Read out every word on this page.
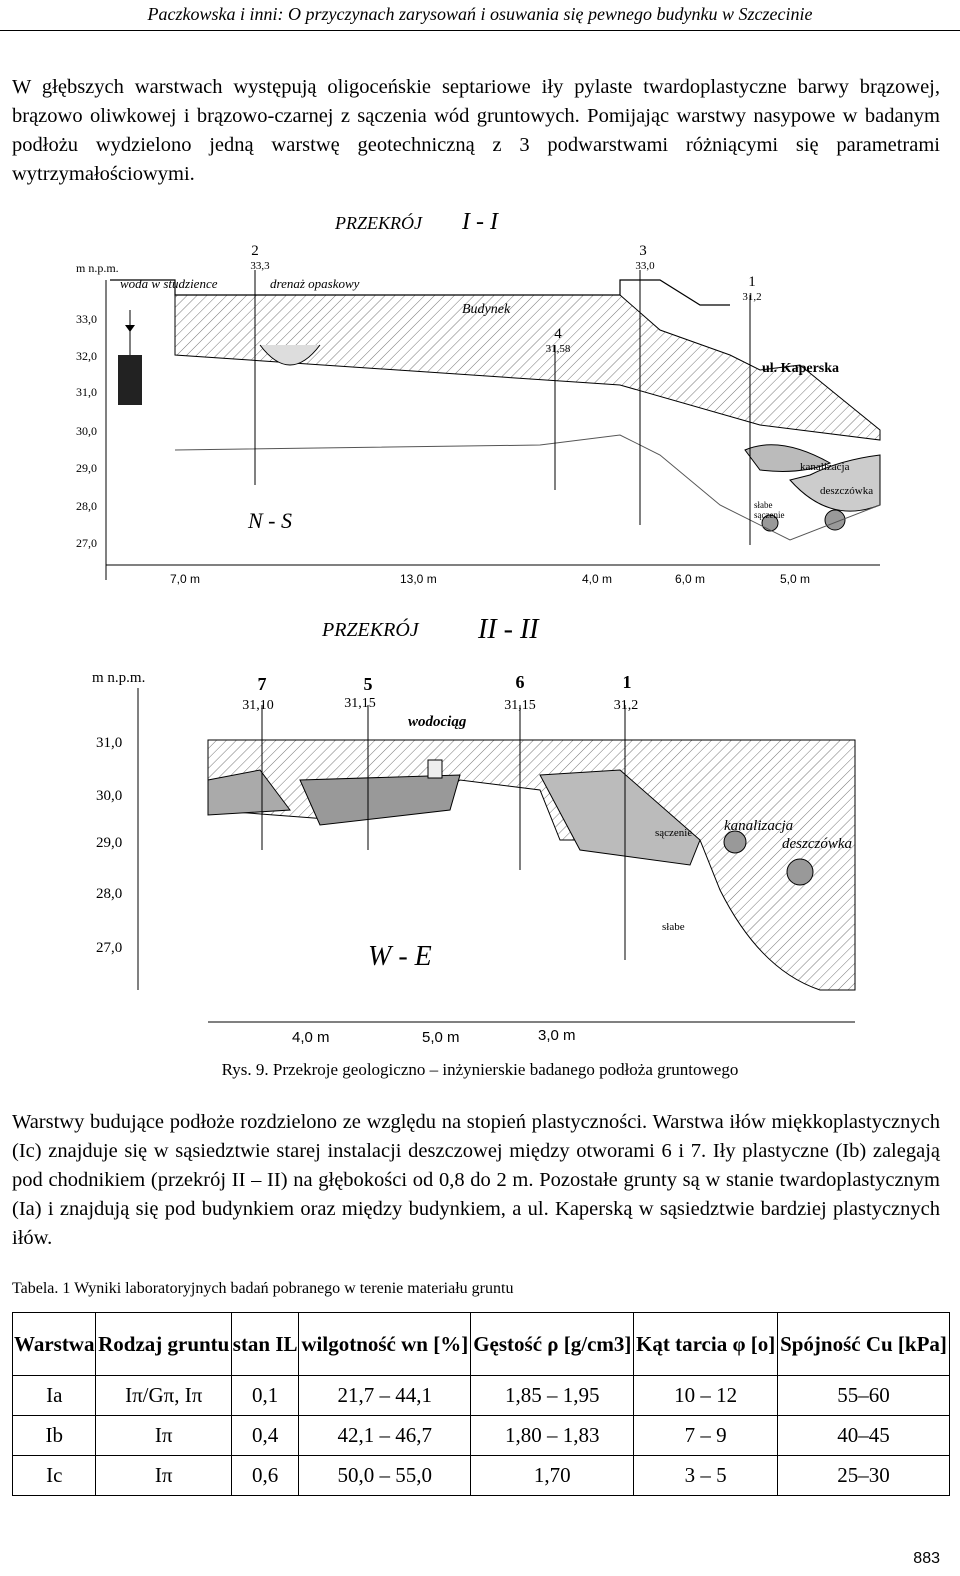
Paczkowska i inni: O przyczynach zarysowań i osuwania się pewnego budynku w Szczecinie
W głębszych warstwach występują oligoceńskie septariowe iły pylaste twardoplastyczne barwy brązowej, brązowo oliwkowej i brązowo-czarnej z sączenia wód gruntowych. Pomijając warstwy nasypowe w badanym podłożu wydzielono jedną warstwę geotechniczną z 3 podwarstwami różniącymi się parametrami wytrzymałościowymi.
PRZEKRÓJ I - I
m n.p.m.
33,0
32,0
31,0
30,0
29,0
28,0
27,0
2
33,3
3
33,0
1
31,2
4
31,58
woda w studzience	drenaż opaskowy
Budynek
ul. Kaperska
N - S
kanalizacja
deszczówka
słabe
sączenie
7,0 m	13,0 m	4,0 m	6,0 m	5,0 m
PRZEKRÓJ II - II
m n.p.m.
31,0
30,0
29,0
28,0
27,0
7
31,10
5
31,15
6
31,15
1
31,2
wodociąg
W - E
kanalizacja
deszczówka
sączenie
słabe
4,0 m	5,0 m	3,0 m
Rys. 9. Przekroje geologiczno – inżynierskie badanego podłoża gruntowego
Warstwy budujące podłoże rozdzielono ze względu na stopień plastyczności. Warstwa iłów miękkoplastycznych (Ic) znajduje się w sąsiedztwie starej instalacji deszczowej między otworami 6 i 7. Iły plastyczne (Ib) zalegają pod chodnikiem (przekrój II – II) na głębokości od 0,8 do 2 m. Pozostałe grunty są w stanie twardoplastycznym (Ia) i znajdują się pod budynkiem oraz między budynkiem, a ul. Kaperską w sąsiedztwie bardziej plastycznych iłów.
Tabela. 1 Wyniki laboratoryjnych badań pobranego w terenie materiału gruntu
Warstwa	Rodzaj gruntu	stan IL	wilgotność wn [%]	Gęstość ρ [g/cm3]	Kąt tarcia φ [o]	Spójność Cu [kPa]
Ia	Iπ/Gπ, Iπ	0,1	21,7 – 44,1	1,85 – 1,95	10 – 12	55–60
Ib	Iπ	0,4	42,1 – 46,7	1,80 – 1,83	7 – 9	40–45
Ic	Iπ	0,6	50,0 – 55,0	1,70	3 – 5	25–30
883
